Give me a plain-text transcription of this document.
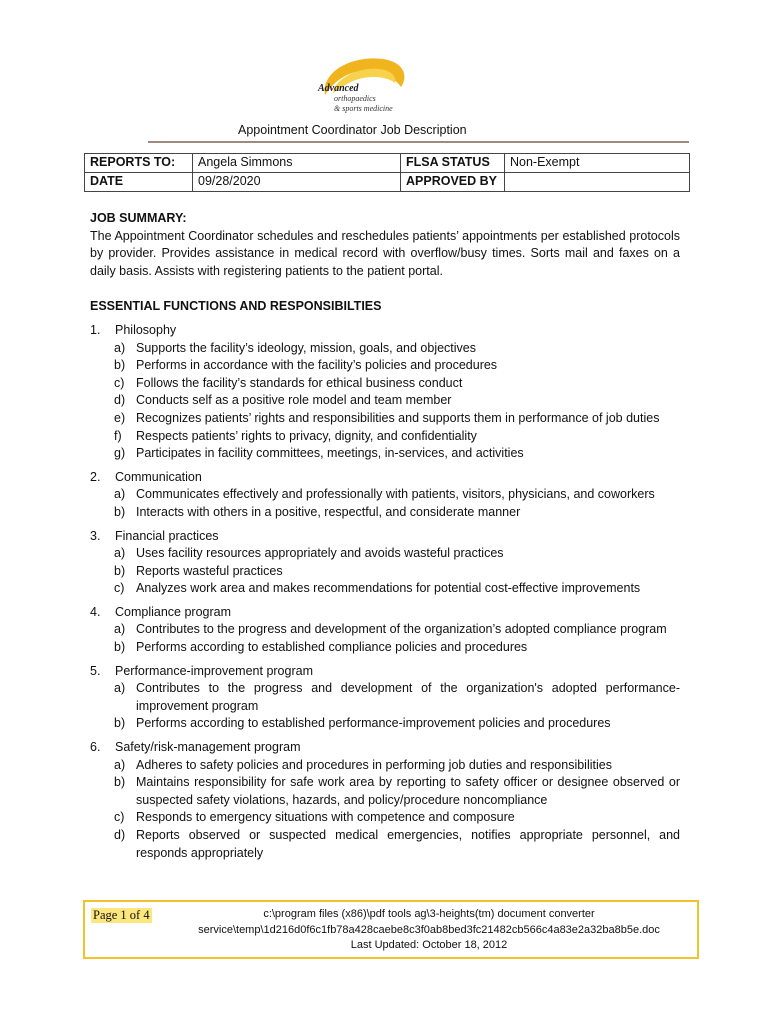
Advanced
orthopaedics
& sports medicine
Appointment Coordinator Job Description
REPORTS TO:	Angela Simmons	FLSA STATUS	Non-Exempt
DATE	09/28/2020	APPROVED BY	
JOB SUMMARY:
The Appointment Coordinator schedules and reschedules patients’ appointments per established protocols by provider. Provides assistance in medical record with overflow/busy times. Sorts mail and faxes on a daily basis. Assists with registering patients to the patient portal.
ESSENTIAL FUNCTIONS AND RESPONSIBILTIES
1. Philosophy
a) Supports the facility’s ideology, mission, goals, and objectives
b) Performs in accordance with the facility’s policies and procedures
c) Follows the facility’s standards for ethical business conduct
d) Conducts self as a positive role model and team member
e) Recognizes patients’ rights and responsibilities and supports them in performance of job duties
f)	Respects patients’ rights to privacy, dignity, and confidentiality
g) Participates in facility committees, meetings, in-services, and activities
2. Communication
a) Communicates effectively and professionally with patients, visitors, physicians, and coworkers
b) Interacts with others in a positive, respectful, and considerate manner
3. Financial practices
a) Uses facility resources appropriately and avoids wasteful practices
b) Reports wasteful practices
c) Analyzes work area and makes recommendations for potential cost-effective improvements
4. Compliance program
a) Contributes to the progress and development of the organization’s adopted compliance program
b) Performs according to established compliance policies and procedures
5. Performance-improvement program
a) Contributes to the progress and development of the organization's adopted performance-improvement program
b) Performs according to established performance-improvement policies and procedures
6. Safety/risk-management program
a) Adheres to safety policies and procedures in performing job duties and responsibilities
b) Maintains responsibility for safe work area by reporting to safety officer or designee observed or suspected safety violations, hazards, and policy/procedure noncompliance
c) Responds to emergency situations with competence and composure
d) Reports observed or suspected medical emergencies, notifies appropriate personnel, and responds appropriately
Page 1 of 4	c:\program files (x86)\pdf tools ag\3-heights(tm) document converter
service\temp\1d216d0f6c1fb78a428caebe8c3f0ab8bed3fc21482cb566c4a83e2a32ba8b5e.doc
Last Updated: October 18, 2012
